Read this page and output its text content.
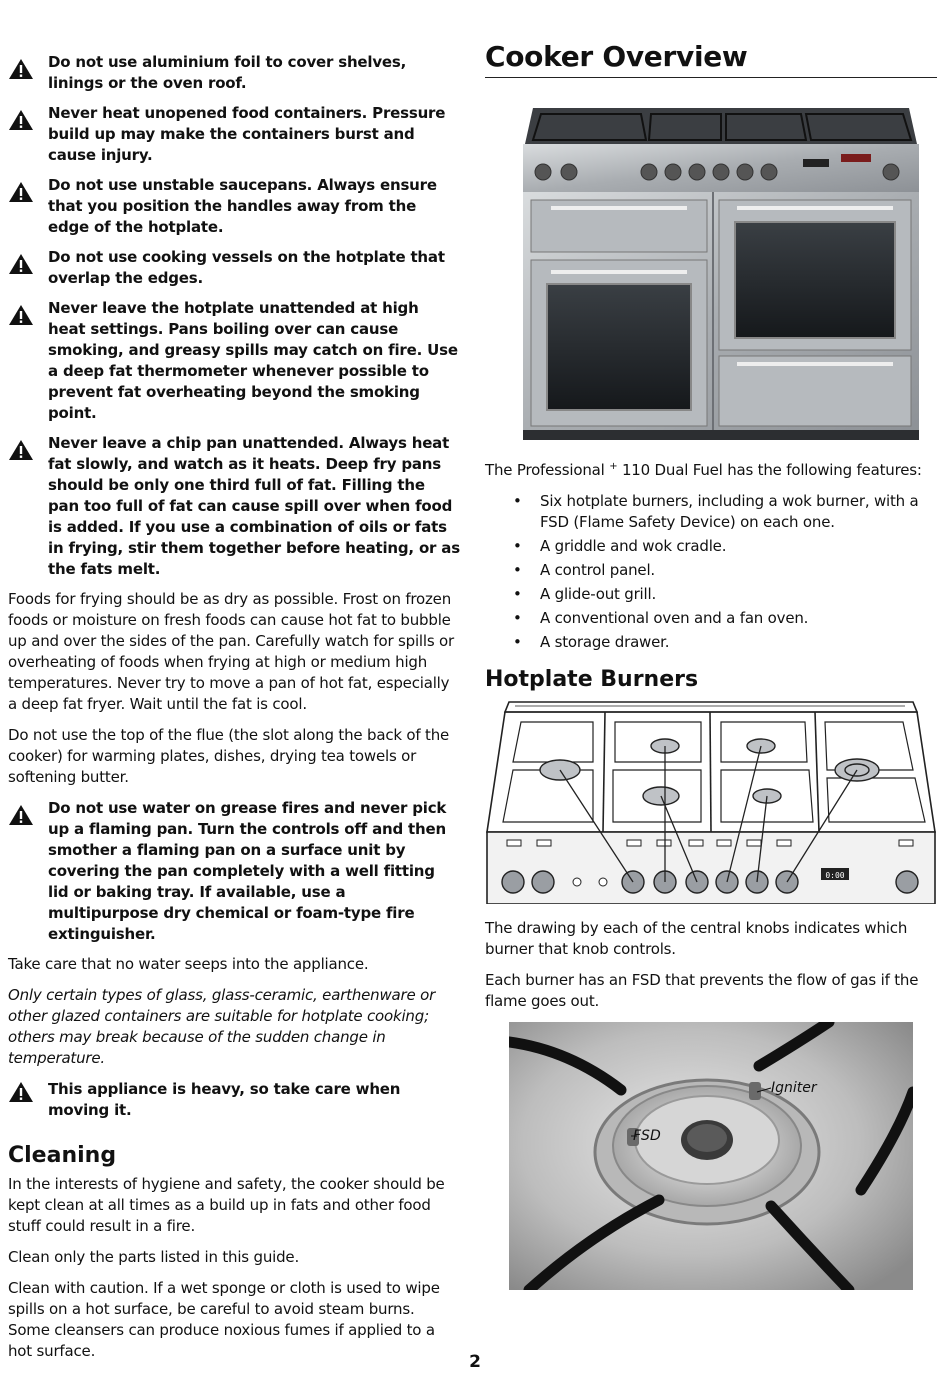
Do not use aluminium foil to cover shelves, linings or the oven roof.
Never heat unopened food containers. Pressure build up may make the containers burst and cause injury.
Do not use unstable saucepans. Always ensure that you position the handles away from the edge of the hotplate.
Do not use cooking vessels on the hotplate that overlap the edges.
Never leave the hotplate unattended at high heat settings. Pans boiling over can cause smoking, and greasy spills may catch on fire. Use a deep fat thermometer whenever possible to prevent fat overheating beyond the smoking point.
Never leave a chip pan unattended. Always heat fat slowly, and watch as it heats. Deep fry pans should be only one third full of fat. Filling the pan too full of fat can cause spill over when food is added. If you use a combination of oils or fats in frying, stir them together before heating, or as the fats melt.

Foods for frying should be as dry as possible. Frost on frozen foods or moisture on fresh foods can cause hot fat to bubble up and over the sides of the pan. Carefully watch for spills or overheating of foods when frying at high or medium high temperatures. Never try to move a pan of hot fat, especially a deep fat fryer. Wait until the fat is cool.

Do not use the top of the flue (the slot along the back of the cooker) for warming plates, dishes, drying tea towels or softening butter.

Do not use water on grease fires and never pick up a flaming pan. Turn the controls off and then smother a flaming pan on a surface unit by covering the pan completely with a well fitting lid or baking tray. If available, use a multipurpose dry chemical or foam-type fire extinguisher.

Take care that no water seeps into the appliance.

Only certain types of glass, glass-ceramic, earthenware or other glazed containers are suitable for hotplate cooking; others may break because of the sudden change in temperature.

This appliance is heavy, so take care when moving it.
Cleaning

In the interests of hygiene and safety, the cooker should be kept clean at all times as a build up in fats and other food stuff could result in a fire.

Clean only the parts listed in this guide.

Clean with caution. If a wet sponge or cloth is used to wipe spills on a hot surface, be careful to avoid steam burns. Some cleansers can produce noxious fumes if applied to a hot surface.

Cooker Overview

The Professional + 110 Dual Fuel has the following features:

• Six hotplate burners, including a wok burner, with a FSD (Flame Safety Device) on each one.
• A griddle and wok cradle.
• A control panel.
• A glide-out grill.
• A conventional oven and a fan oven.
• A storage drawer.
Hotplate Burners
0:00

The drawing by each of the central knobs indicates which burner that knob controls.

Each burner has an FSD that prevents the flow of gas if the flame goes out.

Igniter
FSD
2
